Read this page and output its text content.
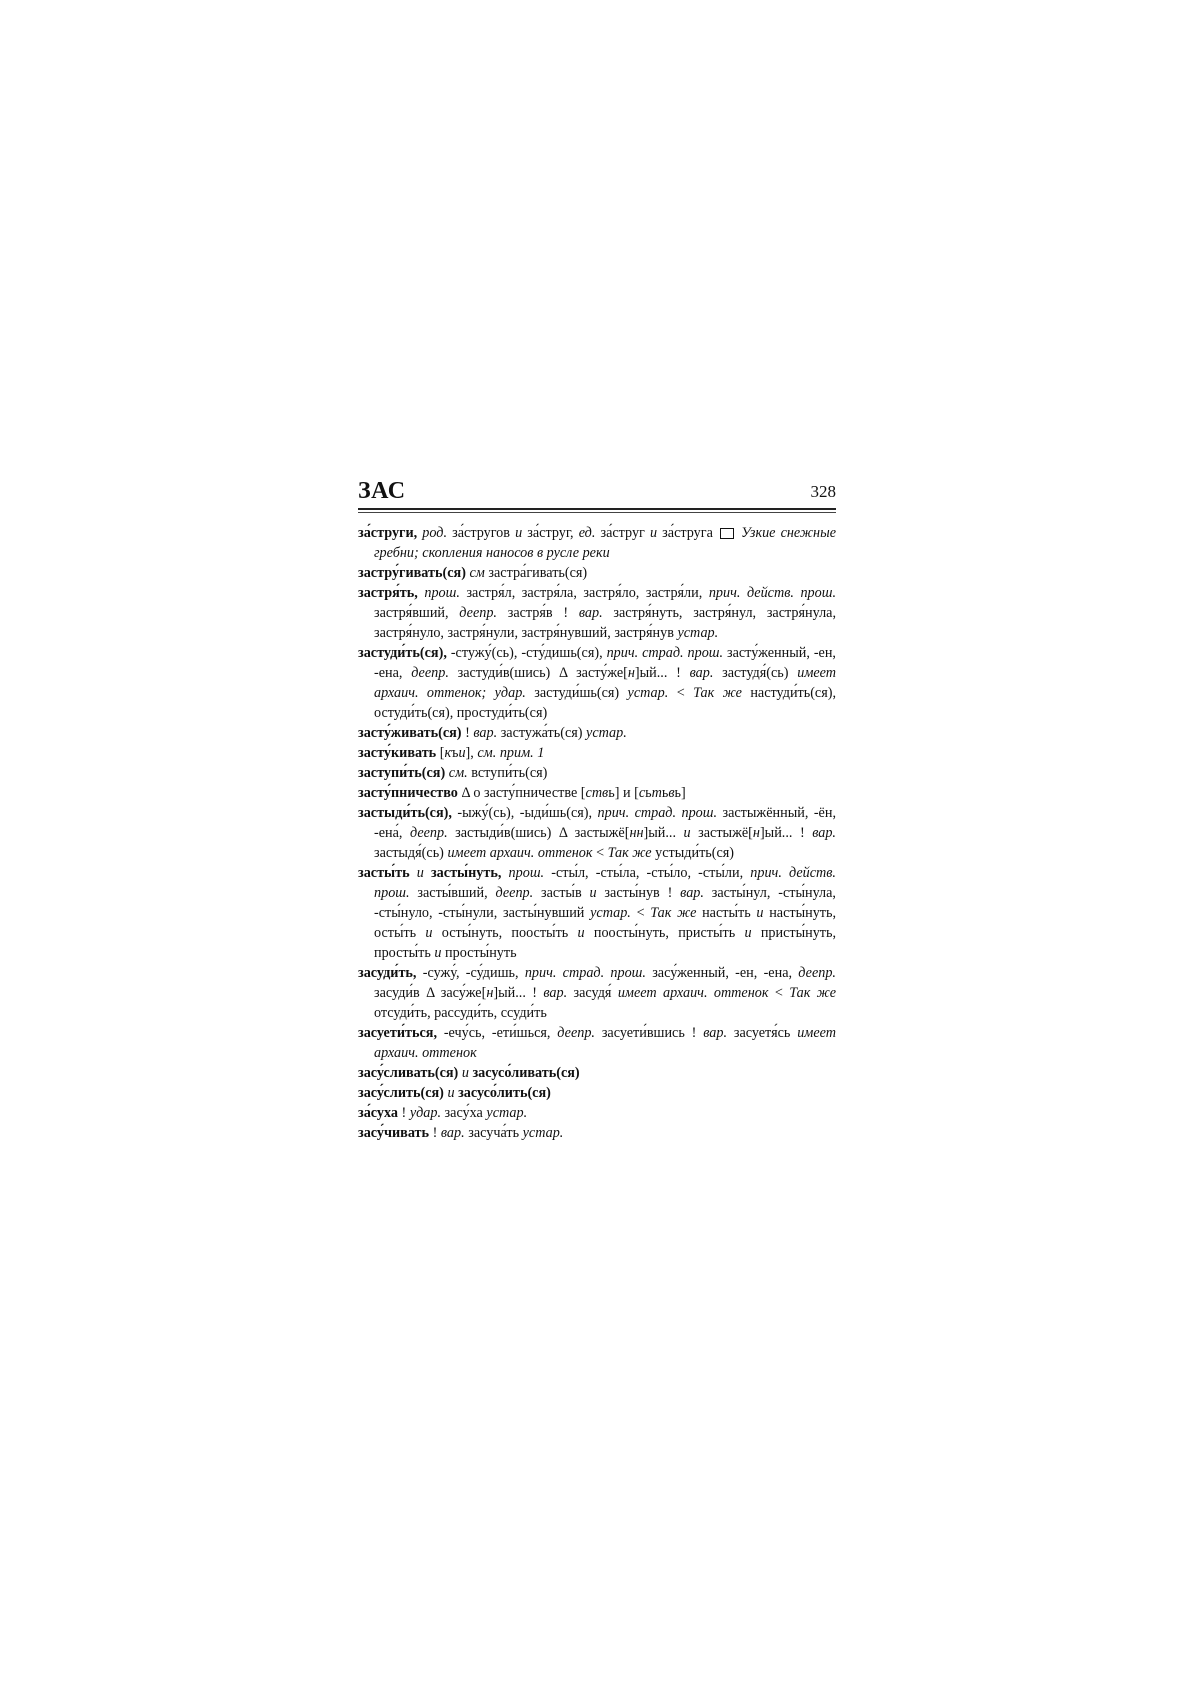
ЗАС	328
за́струги, род. за́стругов и за́струг, ед. за́струг и за́струга  Узкие снежные гребни; скопления наносов в русле реки
застру́гивать(ся) см застра́гивать(ся)
застря́ть, прош. застря́л, застря́ла, застря́ло, застря́ли, прич. действ. прош. застря́вший, деепр. застря́в ! вар. застря́нуть, застря́нул, застря́нула, застря́нуло, застря́нули, застря́нувший, застря́нув устар.
застуди́ть(ся), -стужу́(сь), -сту́дишь(ся), прич. страд. прош. засту́женный, -ен, -ена, деепр. застуди́в(шись) Δ засту́же[н]ый... ! вар. застудя́(сь) имеет архаич. оттенок; удар. застуди́шь(ся) устар. < Так же настуди́ть(ся), остуди́ть(ся), простуди́ть(ся)
засту́живать(ся) ! вар. застужа́ть(ся) устар.
засту́кивать [къи], см. прим. 1
заступи́ть(ся) см. вступи́ть(ся)
засту́пничество Δ о засту́пничестве [ствь] и [сьтьвь]
застыди́ть(ся), -ыжу́(сь), -ыди́шь(ся), прич. страд. прош. застыжённый, -ён, -ена́, деепр. застыди́в(шись) Δ застыжё[нн]ый... и застыжё[н]ый... ! вар. застыдя́(сь) имеет архаич. оттенок < Так же устыди́ть(ся)
засты́ть и засты́нуть, прош. -сты́л, -сты́ла, -сты́ло, -сты́ли, прич. действ. прош. засты́вший, деепр. засты́в и засты́нув ! вар. засты́нул, -сты́нула, -сты́нуло, -сты́нули, засты́нувший устар. < Так же насты́ть и насты́нуть, осты́ть и осты́нуть, поосты́ть и поосты́нуть, присты́ть и присты́нуть, просты́ть и просты́нуть
засуди́ть, -сужу́, -су́дишь, прич. страд. прош. засу́женный, -ен, -ена, деепр. засуди́в Δ засу́же[н]ый... ! вар. засудя́ имеет архаич. оттенок < Так же отсуди́ть, рассуди́ть, ссуди́ть
засуети́ться, -ечу́сь, -ети́шься, деепр. засуети́вшись ! вар. засуетя́сь имеет архаич. оттенок
засу́сливать(ся) и засусо́ливать(ся)
засу́слить(ся) и засусо́лить(ся)
за́суха ! удар. засу́ха устар.
засу́чивать ! вар. засуча́ть устар.
